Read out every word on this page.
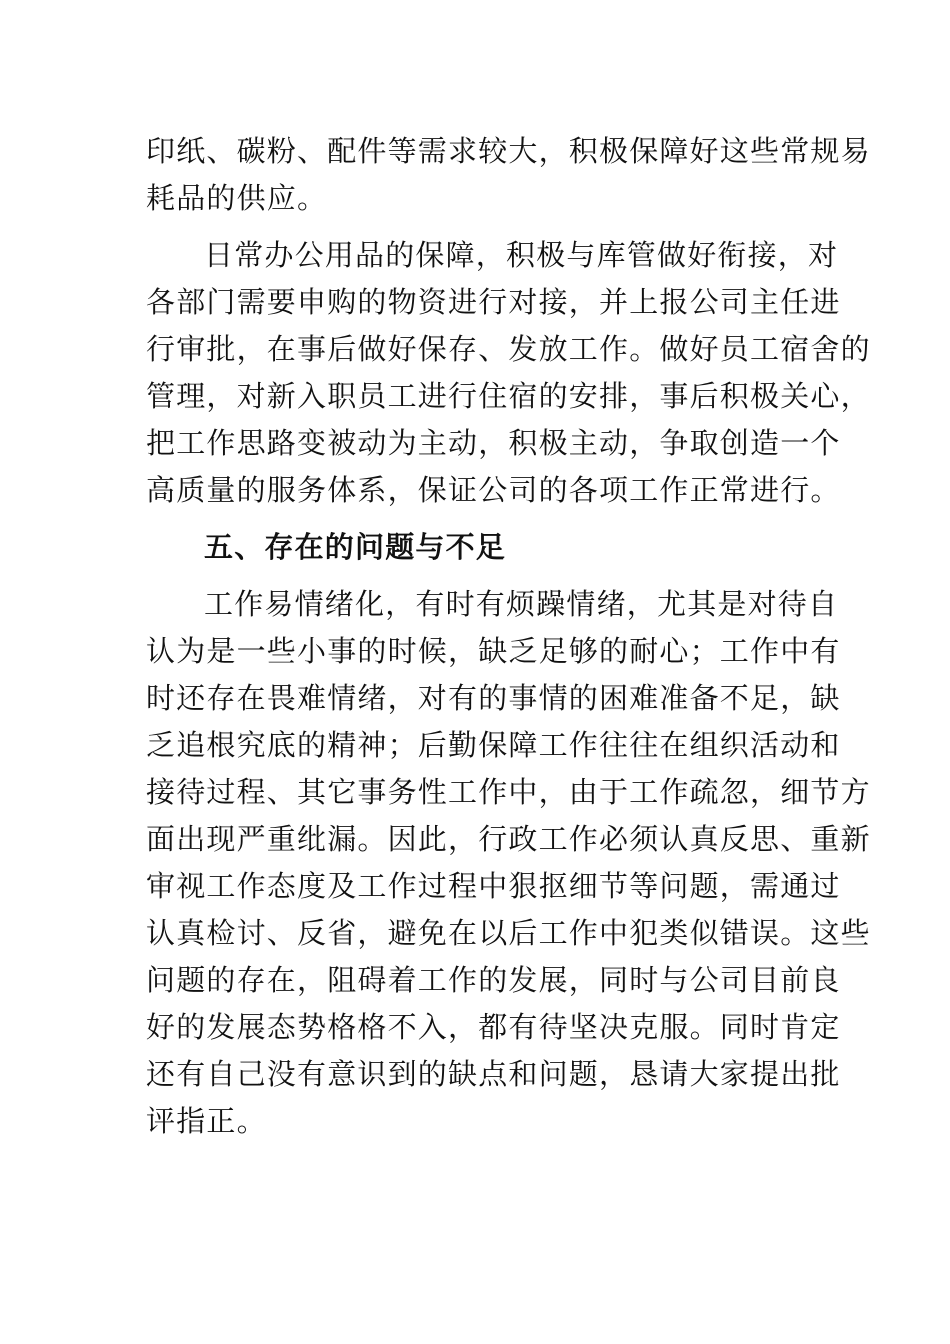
印纸、碳粉、配件等需求较大，积极保障好这些常规易
耗品的供应。
日常办公用品的保障，积极与库管做好衔接，对
各部门需要申购的物资进行对接，并上报公司主任进
行审批，在事后做好保存、发放工作。做好员工宿舍的
管理，对新入职员工进行住宿的安排，事后积极关心，
把工作思路变被动为主动，积极主动，争取创造一个
高质量的服务体系，保证公司的各项工作正常进行。
五、存在的问题与不足
工作易情绪化，有时有烦躁情绪，尤其是对待自
认为是一些小事的时候，缺乏足够的耐心；工作中有
时还存在畏难情绪，对有的事情的困难准备不足，缺
乏追根究底的精神；后勤保障工作往往在组织活动和
接待过程、其它事务性工作中，由于工作疏忽，细节方
面出现严重纰漏。因此，行政工作必须认真反思、重新
审视工作态度及工作过程中狠抠细节等问题，需通过
认真检讨、反省，避免在以后工作中犯类似错误。这些
问题的存在，阻碍着工作的发展，同时与公司目前良
好的发展态势格格不入，都有待坚决克服。同时肯定
还有自己没有意识到的缺点和问题，恳请大家提出批
评指正。
